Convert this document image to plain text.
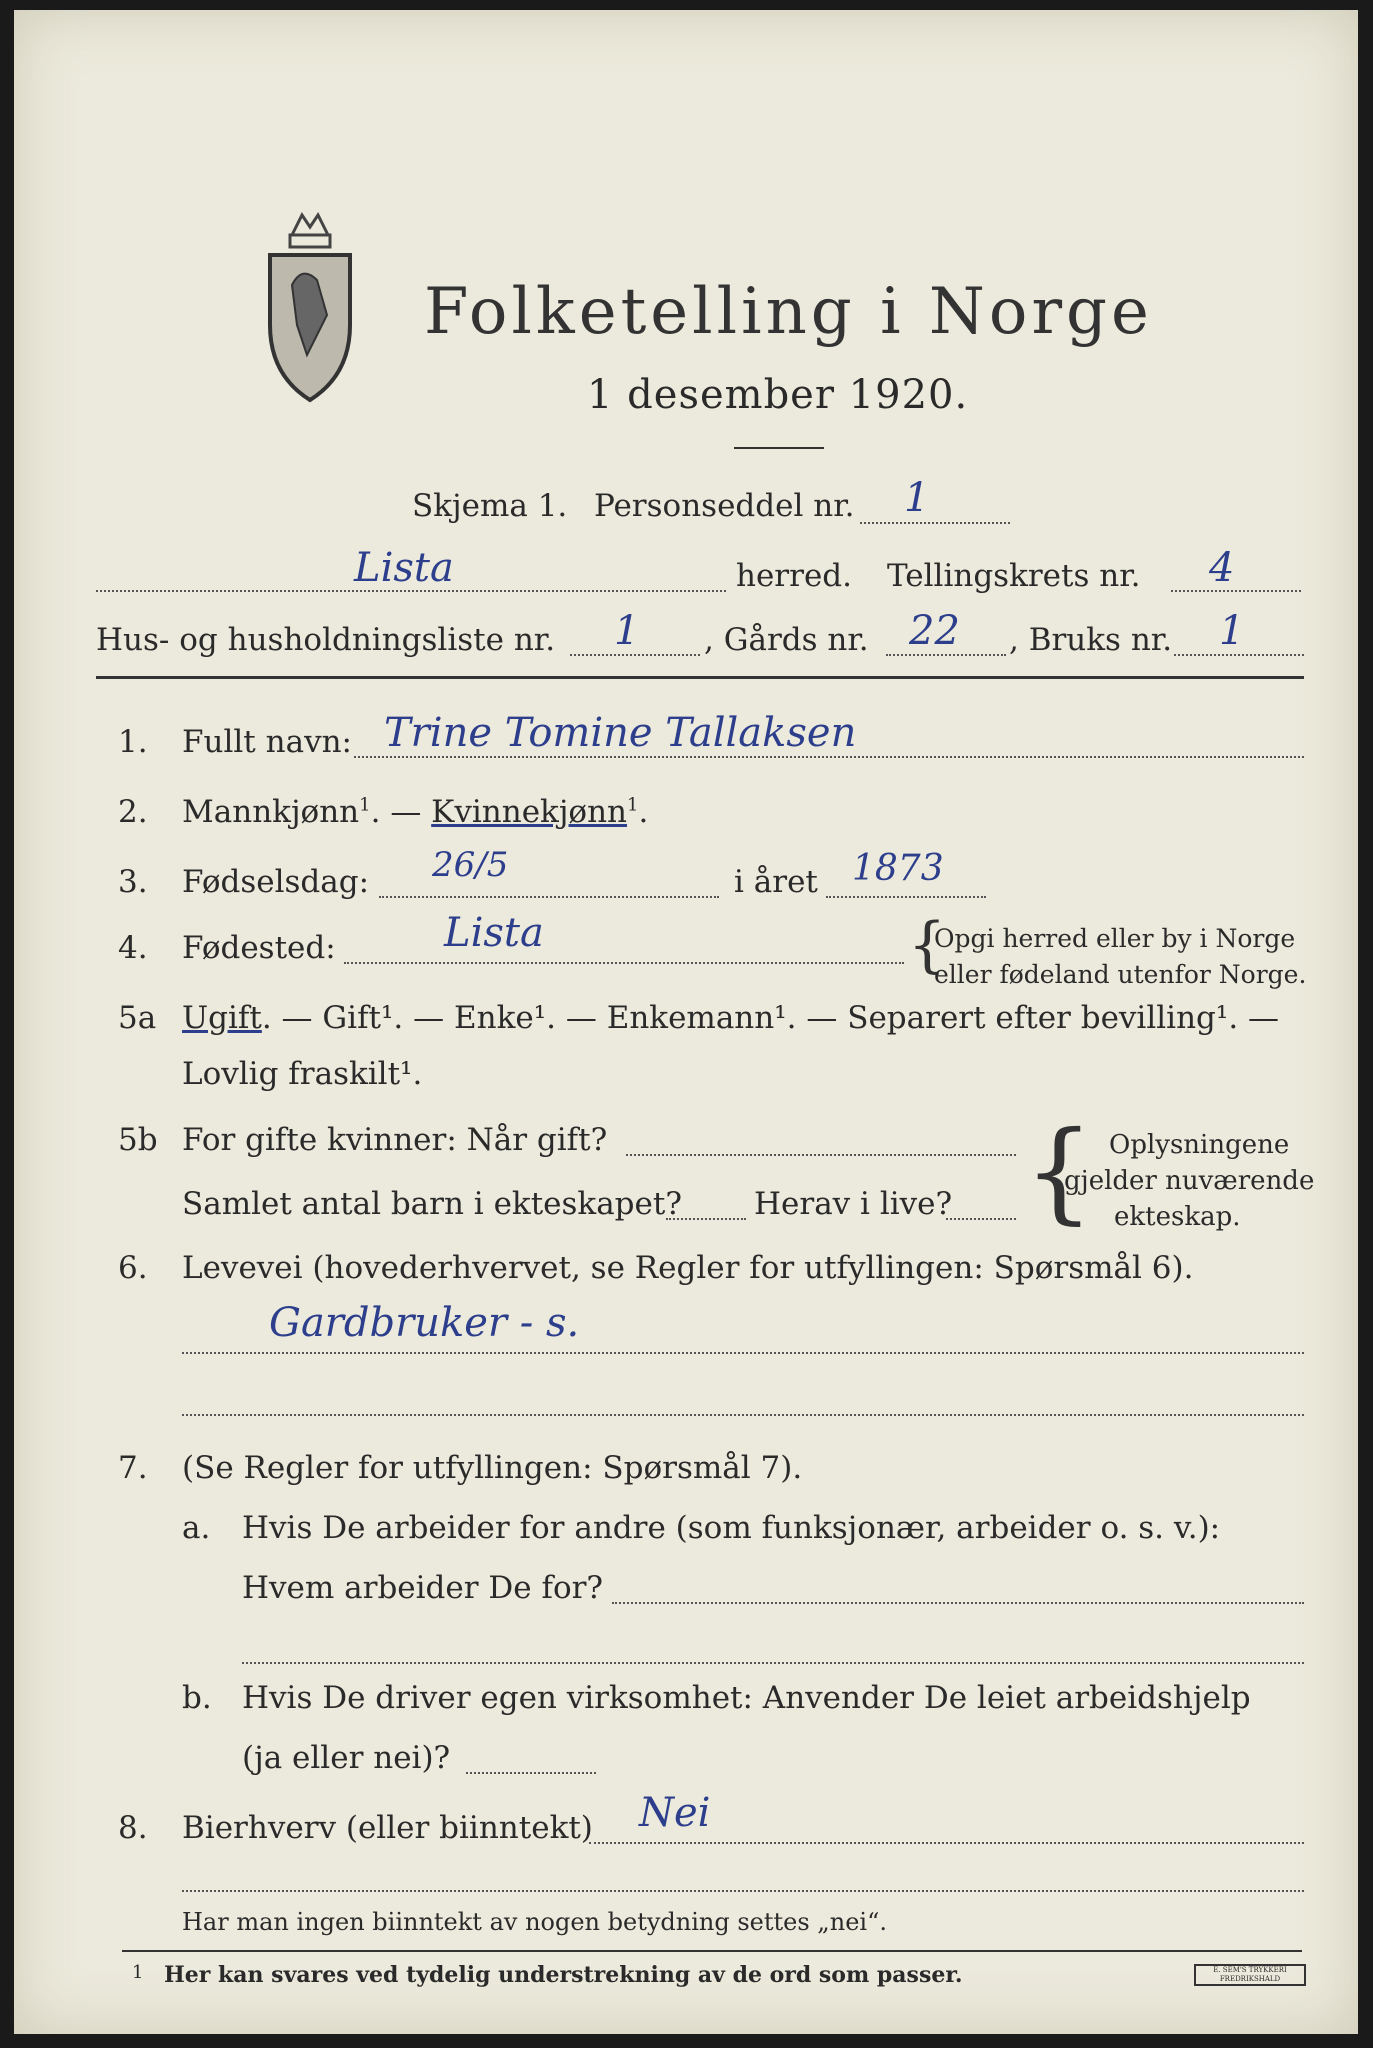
Folketelling i Norge
1 desember 1920.
Skjema 1. Personseddel nr. 1
Lista	herred. Tellingskrets nr. 4
Hus- og husholdningsliste nr. 1 , Gårds nr. 22 , Bruks nr. 1
1. Fullt navn: Trine Tomine Tallaksen
2. Mannkjønn$^1$. — Kvinnekjønn$^1$.
3. Fødselsdag: 26/5	i året 1873
4. Fødested:	Lista	{
Opgi herred eller by i Norge
eller fødeland utenfor Norge.
5a Ugift. — Gift¹. — Enke¹. — Enkemann¹. — Separert efter bevilling¹. —
Lovlig fraskilt¹.
5b For gifte kvinner: Når gift?
Samlet antal barn i ekteskapet? Herav i live? { Oplysningene
gjelder nuværende
ekteskap.
6. Levevei (hovederhvervet, se Regler for utfyllingen: Spørsmål 6).
Gardbruker - s.
7. (Se Regler for utfyllingen: Spørsmål 7).
a. Hvis De arbeider for andre (som funksjonær, arbeider o. s. v.):
Hvem arbeider De for?
b. Hvis De driver egen virksomhet: Anvender De leiet arbeidshjelp
(ja eller nei)?
8. Bierhverv (eller biinntekt) Nei
Har man ingen biinntekt av nogen betydning settes „nei“.
1 Her kan svares ved tydelig understrekning av de ord som passer.	E. SEM'S TRYKKERI FREDRIKSHALD
